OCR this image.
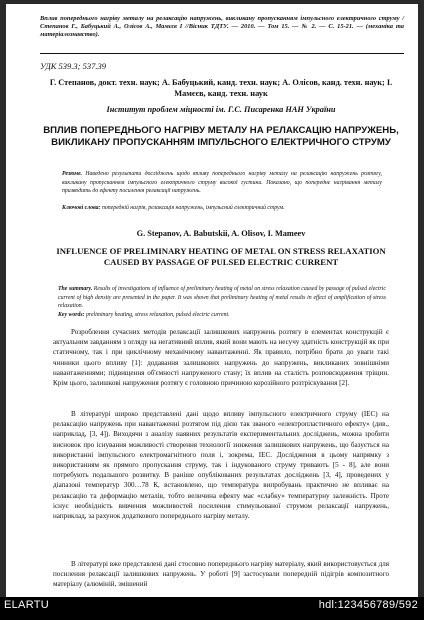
Вплив попереднього нагріву металу на релаксацію напружень, викликану пропусканням імпульсного електричного струму / Степанов Г., Бабуцький А., Олісов А., Мамєєв І //Вісник ТДТУ. — 2010. — Том 15. — № 2. — С. 15-21. — (механіка та матеріалознавство).
УДК 539.3; 537.39
Г. Степанов, докт. техн. наук; А. Бабуцький, канд. техн. наук; А. Олісов, канд. техн. наук; І. Мамєєв, канд. техн. наук
Інститут проблем міцності ім. Г.С. Писаренка НАН України
ВПЛИВ ПОПЕРЕДНЬОГО НАГРІВУ МЕТАЛУ НА РЕЛАКСАЦІЮ НАПРУЖЕНЬ, ВИКЛИКАНУ ПРОПУСКАННЯМ ІМПУЛЬСНОГО ЕЛЕКТРИЧНОГО СТРУМУ
Резюме. Наведено результати досліджень щодо впливу попереднього нагріву металу на релаксацію напружень розтягу, викликану пропусканням імпульсного електричного струму високої густини. Показано, що попереднє нагрівання металу призводить до ефекту посилення релаксації напружень.
Ключові слова: попередній нагрів, релаксація напружень, імпульсний електричний струм.
G. Stepanov, A. Babutskii, A. Olisov, I. Mameev
INFLUENCE OF PRELIMINARY HEATING OF METAL ON STRESS RELAXATION CAUSED BY PASSAGE OF PULSED ELECTRIC CURRENT
The summary. Results of investigations of influence of preliminary heating of metal on stress relaxation caused by passage of pulsed electric current of high density are presented in the paper. It was shown that preliminary heating of metal results in effect of amplification of stress relaxation.
Key words: preliminary heating, stress relaxation, pulsed electric current.

Розроблення сучасних методів релаксації залишкових напружень розтягу в елементах конструкцій є актуальним завданням з огляду на негативний вплив, який вони мають на несучу здатність конструкцій як при статичному, так і при циклічному механічному навантаженні. Як правило, потрібно брати до уваги такі чинники цього впливу [1]: додавання залишкових напружень до напружень, викликаних зовнішніми навантаженнями; підвищення об'ємності напруженого стану; їх вплив на сталість розповсюдження тріщин. Крім цього, залишкові напруження розтягу є головною причиною корозійного розтріскування [2].

В літературі широко представлені дані щодо впливу імпульсного електричного струму (ІЕС) на релаксацію напружень при навантаженні розтягом під дією так званого «електропластичного ефекту» (див., наприклад, [3, 4]). Виходячи з аналізу наявних результатів експериментальних досліджень, можна зробити висновок про існування можливості створення технології зниження залишкових напружень, що базується на використанні імпульсного електромагнітного поля і, зокрема, ІЕС. Дослідження в цьому напрямку з використанням як прямого пропускання струму, так і індукованого струму тривають [5 - 8], але вони потребують подальшого розвитку. В раніше опублікованих результатах досліджень [3, 4], проведених у діапазоні температур 300…78 К, встановлено, що температура випробувань практично не впливає на релаксацію та деформацію металів, тобто величина ефекту має «слабку» температурну залежність. Проте існує необхідність вивчення можливостей посилення стимульованої струмом релаксації напружень, наприклад, за рахунок додаткового попереднього нагріву металу.

В літературі вже представлені дані стосовно попереднього нагріву матеріалу, який використовується для посилення релаксації залишкових напружень. У роботі [9] застосували попередній підігрів композитного матеріалу (алюміній, змішений

ELARTU	hdl:123456789/592
